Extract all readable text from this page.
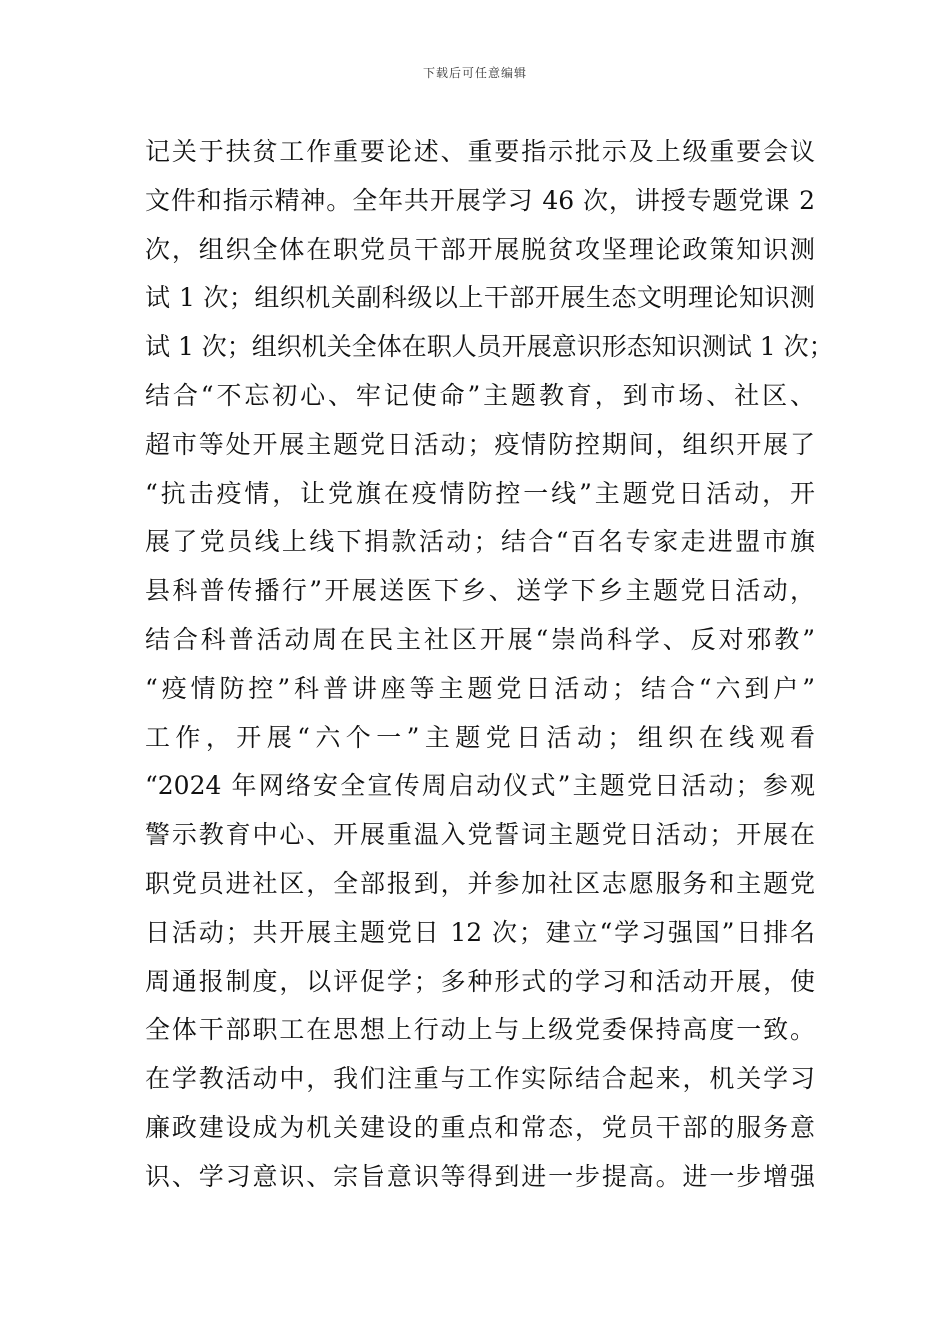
下载后可任意编辑
记关于扶贫工作重要论述、重要指示批示及上级重要会议
文件和指示精神。全年共开展学习 46 次，讲授专题党课 2
次，组织全体在职党员干部开展脱贫攻坚理论政策知识测
试 1 次；组织机关副科级以上干部开展生态文明理论知识测
试 1 次；组织机关全体在职人员开展意识形态知识测试 1 次；
结合“不忘初心、牢记使命”主题教育，到市场、社区、
超市等处开展主题党日活动；疫情防控期间，组织开展了
“抗击疫情，让党旗在疫情防控一线”主题党日活动，开
展了党员线上线下捐款活动；结合“百名专家走进盟市旗
县科普传播行”开展送医下乡、送学下乡主题党日活动，
结合科普活动周在民主社区开展“崇尚科学、反对邪教”
“疫情防控”科普讲座等主题党日活动；结合“六到户”
工作，开展“六个一”主题党日活动；组织在线观看
“2024 年网络安全宣传周启动仪式”主题党日活动；参观
警示教育中心、开展重温入党誓词主题党日活动；开展在
职党员进社区，全部报到，并参加社区志愿服务和主题党
日活动；共开展主题党日 12 次；建立“学习强国”日排名
周通报制度，以评促学；多种形式的学习和活动开展，使
全体干部职工在思想上行动上与上级党委保持高度一致。
在学教活动中，我们注重与工作实际结合起来，机关学习
廉政建设成为机关建设的重点和常态，党员干部的服务意
识、学习意识、宗旨意识等得到进一步提高。进一步增强
